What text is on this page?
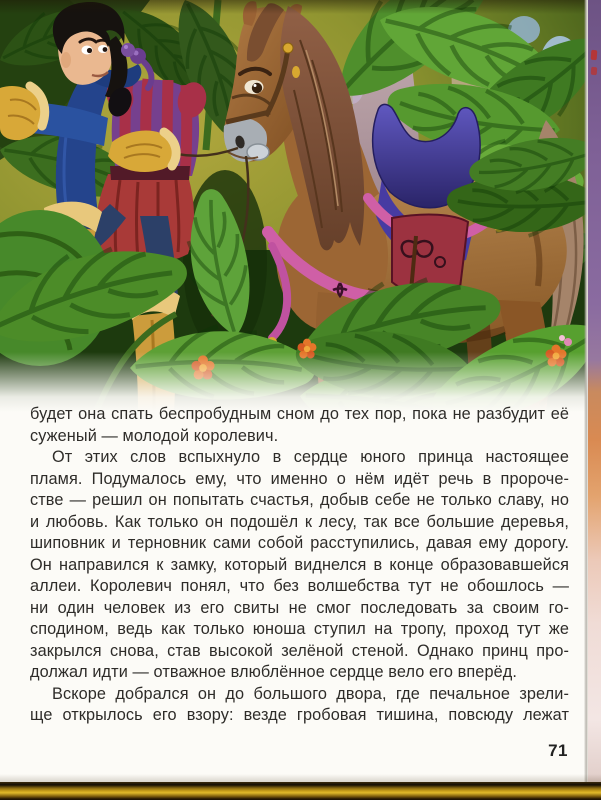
будет она спать беспробудным сном до тех пор, пока не разбудит её
суженый — молодой королевич.
От этих слов вспыхнуло в сердце юного принца настоящее
пламя. Подумалось ему, что именно о нём идёт речь в пророче-
стве — решил он попытать счастья, добыв себе не только славу, но
и любовь. Как только он подошёл к лесу, так все большие деревья,
шиповник и терновник сами собой расступились, давая ему дорогу.
Он направился к замку, который виднелся в конце образовавшейся
аллеи. Королевич понял, что без волшебства тут не обошлось —
ни один человек из его свиты не смог последовать за своим го-
сподином, ведь как только юноша ступил на тропу, проход тут же
закрылся снова, став высокой зелёной стеной. Однако принц про-
должал идти — отважное влюблённое сердце вело его вперёд.
Вскоре добрался он до большого двора, где печальное зрели-
ще открылось его взору: везде гробовая тишина, повсюду лежат
71
